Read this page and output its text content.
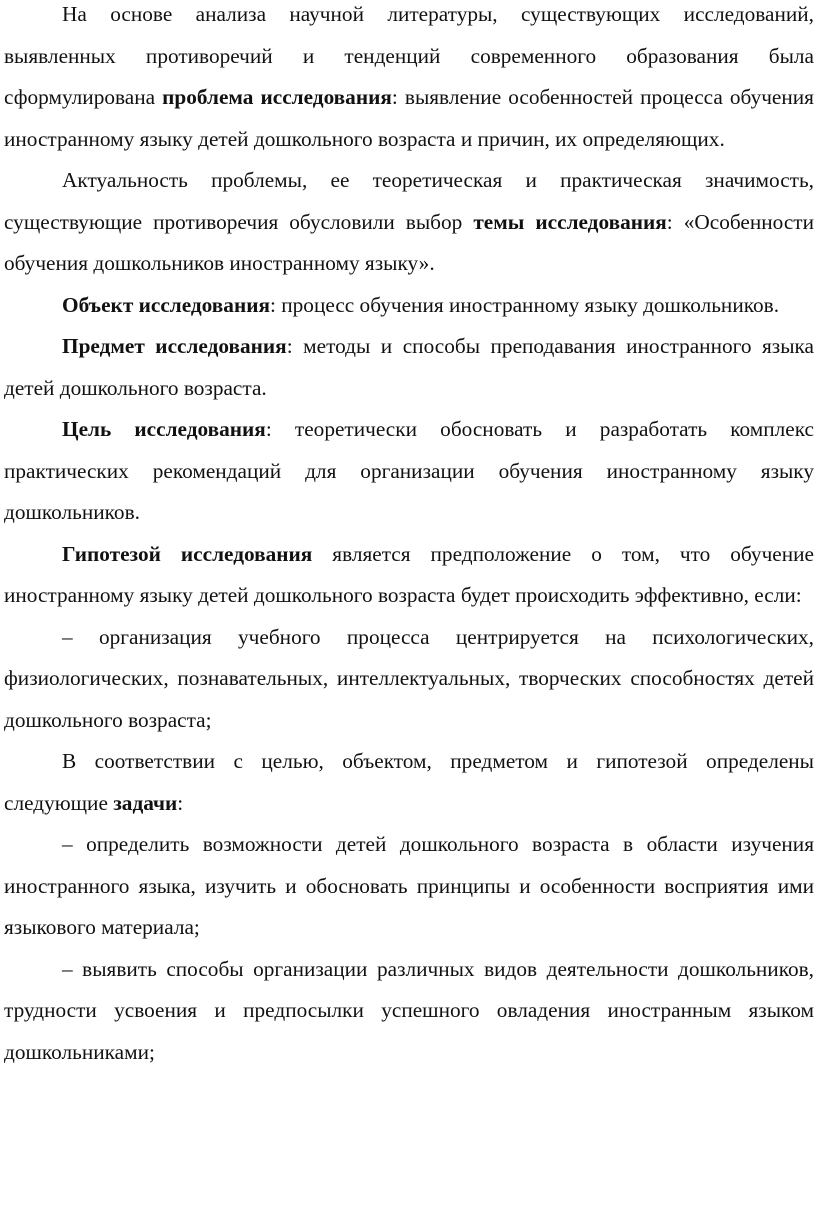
На основе анализа научной литературы, существующих исследований, выявленных противоречий и тенденций современного образования была сформулирована проблема исследования: выявление особенностей процесса обучения иностранному языку детей дошкольного возраста и причин, их определяющих.

Актуальность проблемы, ее теоретическая и практическая значимость, существующие противоречия обусловили выбор темы исследования: «Особенности обучения дошкольников иностранному языку».

Объект исследования: процесс обучения иностранному языку дошкольников.

Предмет исследования: методы и способы преподавания иностранного языка детей дошкольного возраста.

Цель исследования: теоретически обосновать и разработать комплекс практических рекомендаций для организации обучения иностранному языку дошкольников.

Гипотезой исследования является предположение о том, что обучение иностранному языку детей дошкольного возраста будет происходить эффективно, если:

– организация учебного процесса центрируется на психологических, физиологических, познавательных, интеллектуальных, творческих способностях детей дошкольного возраста;

В соответствии с целью, объектом, предметом и гипотезой определены следующие задачи:

– определить возможности детей дошкольного возраста в области изучения иностранного языка, изучить и обосновать принципы и особенности восприятия ими языкового материала;

– выявить способы организации различных видов деятельности дошкольников, трудности усвоения и предпосылки успешного овладения иностранным языком дошкольниками;
